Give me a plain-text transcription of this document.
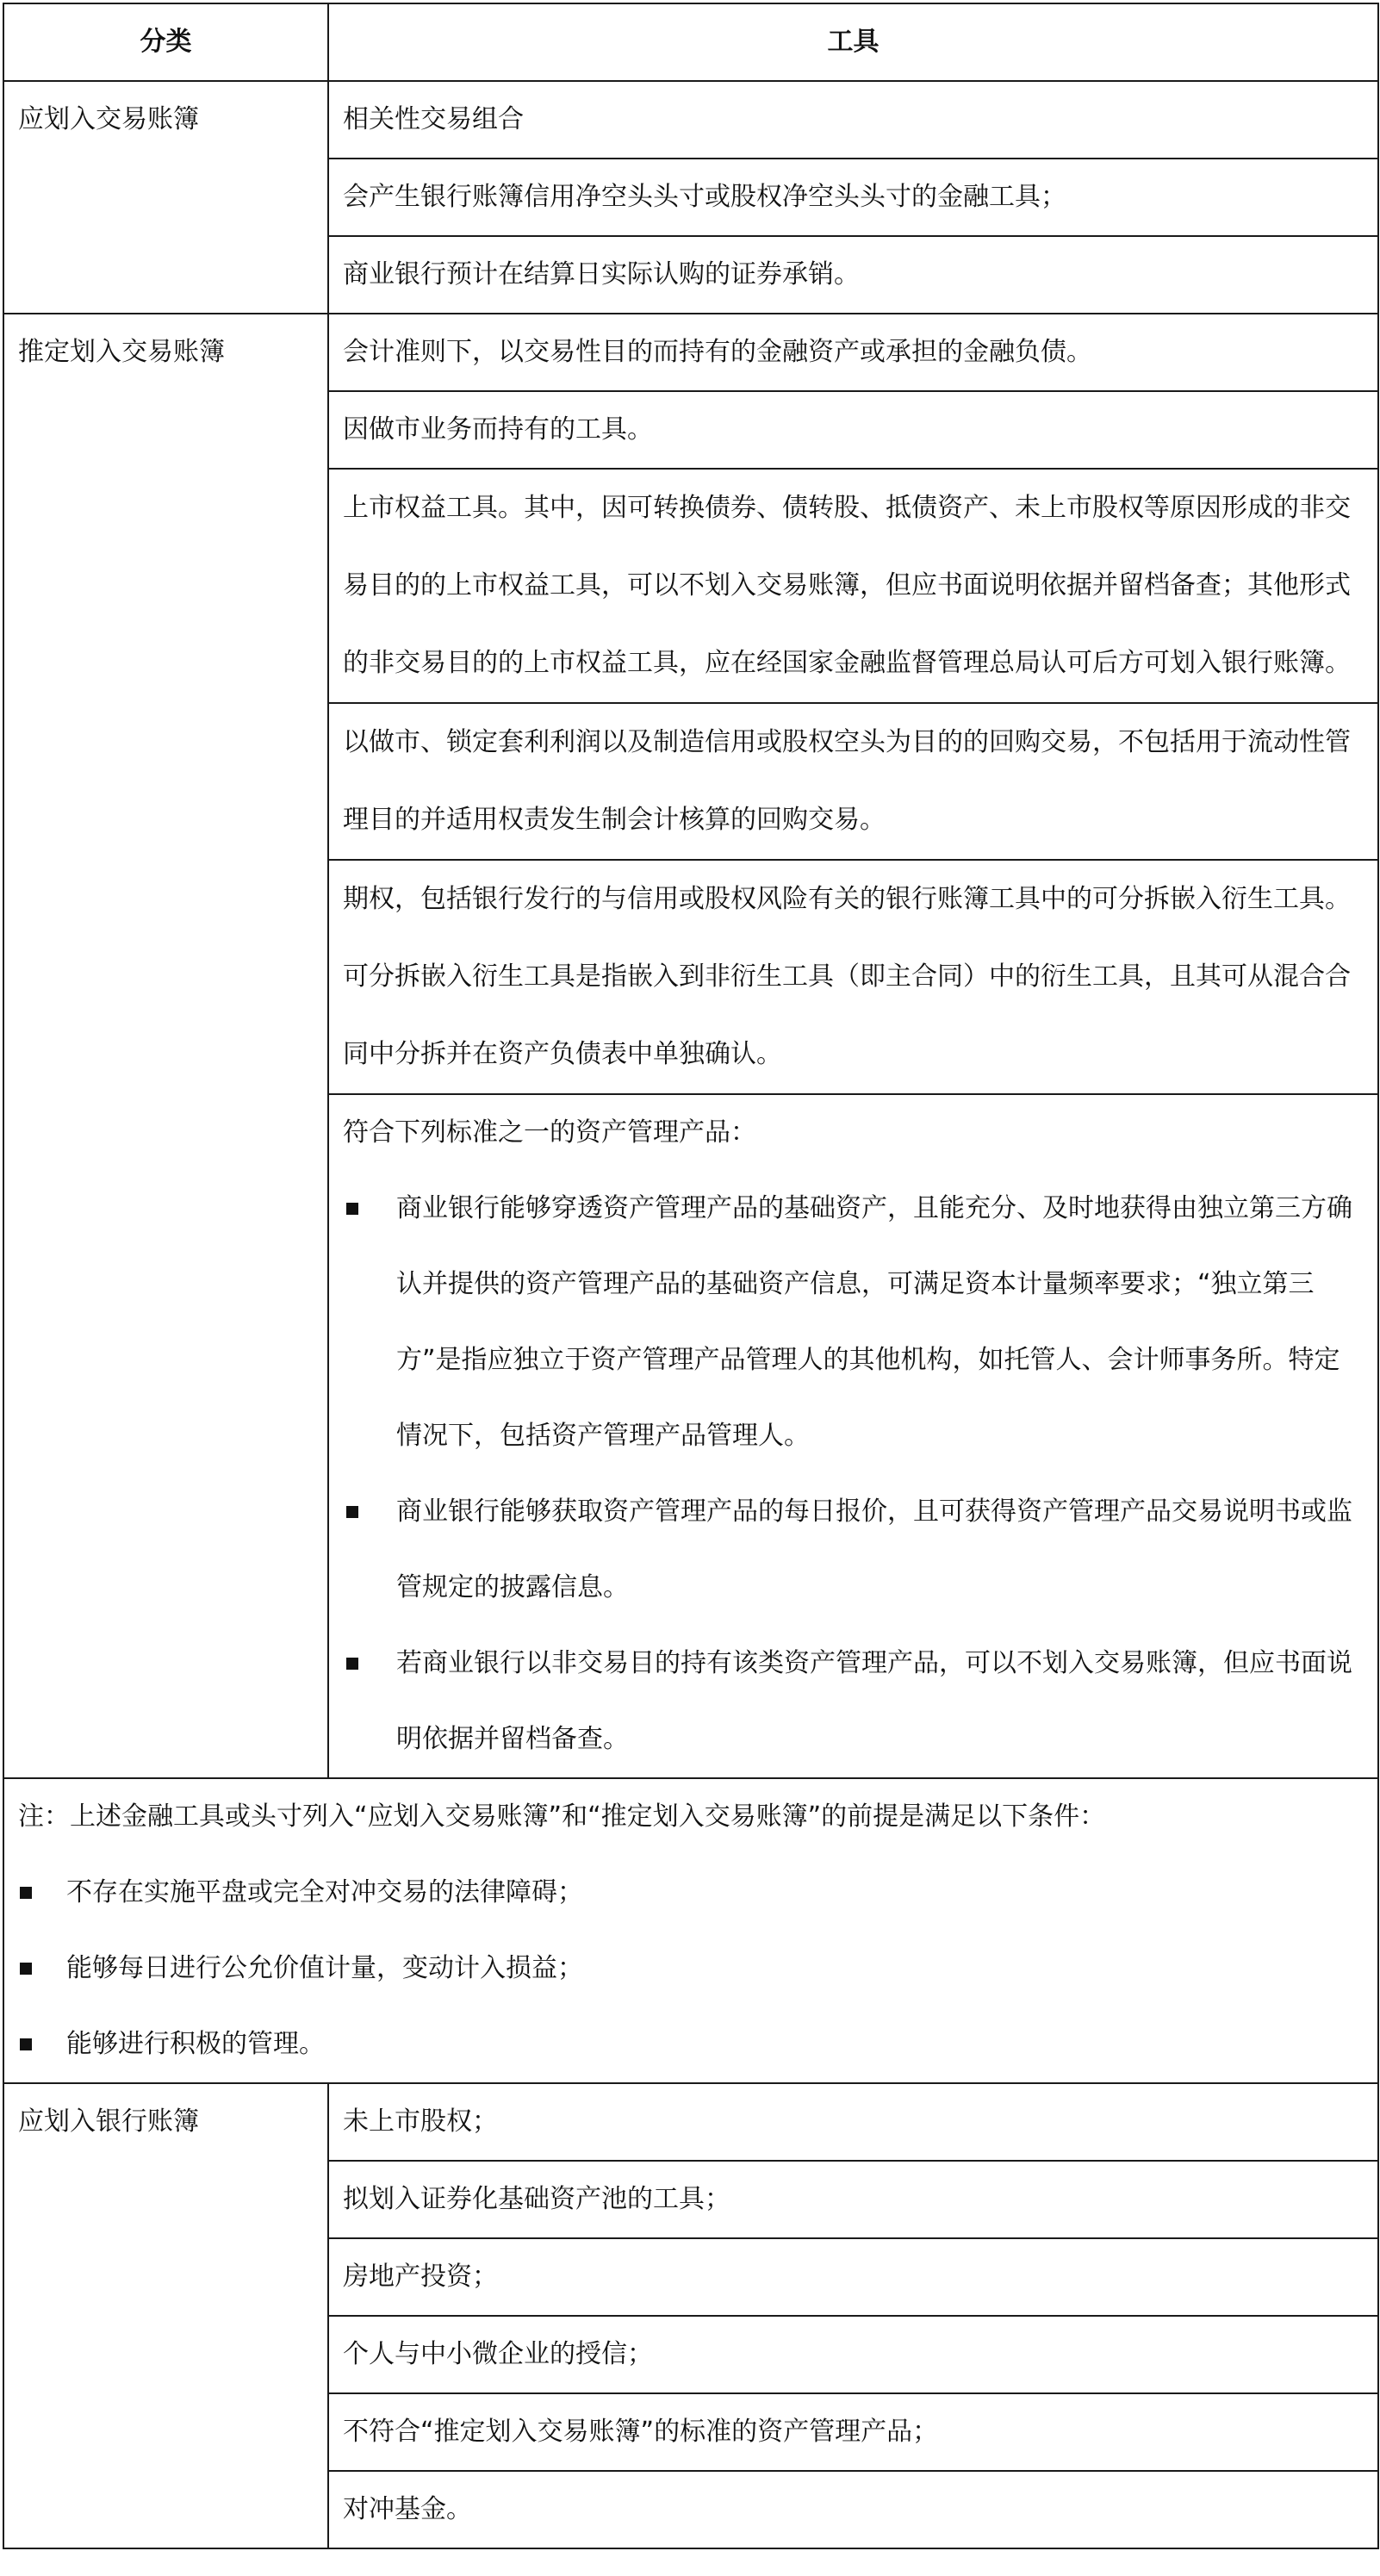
分类	工具
应划入交易账簿	相关性交易组合
	会产生银行账簿信用净空头头寸或股权净空头头寸的金融工具；
	商业银行预计在结算日实际认购的证券承销。
推定划入交易账簿	会计准则下，以交易性目的而持有的金融资产或承担的金融负债。
	因做市业务而持有的工具。
	上市权益工具。其中，因可转换债券、债转股、抵债资产、未上市股权等原因形成的非交易目的的上市权益工具，可以不划入交易账簿，但应书面说明依据并留档备查；其他形式的非交易目的的上市权益工具，应在经国家金融监督管理总局认可后方可划入银行账簿。
	以做市、锁定套利利润以及制造信用或股权空头为目的的回购交易，不包括用于流动性管理目的并适用权责发生制会计核算的回购交易。
	期权，包括银行发行的与信用或股权风险有关的银行账簿工具中的可分拆嵌入衍生工具。可分拆嵌入衍生工具是指嵌入到非衍生工具（即主合同）中的衍生工具，且其可从混合合同中分拆并在资产负债表中单独确认。

	符合下列标准之一的资产管理产品：
商业银行能够穿透资产管理产品的基础资产，且能充分、及时地获得由独立第三方确认并提供的资产管理产品的基础资产信息，可满足资本计量频率要求；“独立第三方”是指应独立于资产管理产品管理人的其他机构，如托管人、会计师事务所。特定情况下，包括资产管理产品管理人。
商业银行能够获取资产管理产品的每日报价，且可获得资产管理产品交易说明书或监管规定的披露信息。
若商业银行以非交易目的持有该类资产管理产品，可以不划入交易账簿，但应书面说明依据并留档备查。

注：上述金融工具或头寸列入“应划入交易账簿”和“推定划入交易账簿”的前提是满足以下条件：
不存在实施平盘或完全对冲交易的法律障碍；
能够每日进行公允价值计量，变动计入损益；
能够进行积极的管理。	

应划入银行账簿	未上市股权；
	拟划入证券化基础资产池的工具；
	房地产投资；
	个人与中小微企业的授信；
	不符合“推定划入交易账簿”的标准的资产管理产品；
	对冲基金。
